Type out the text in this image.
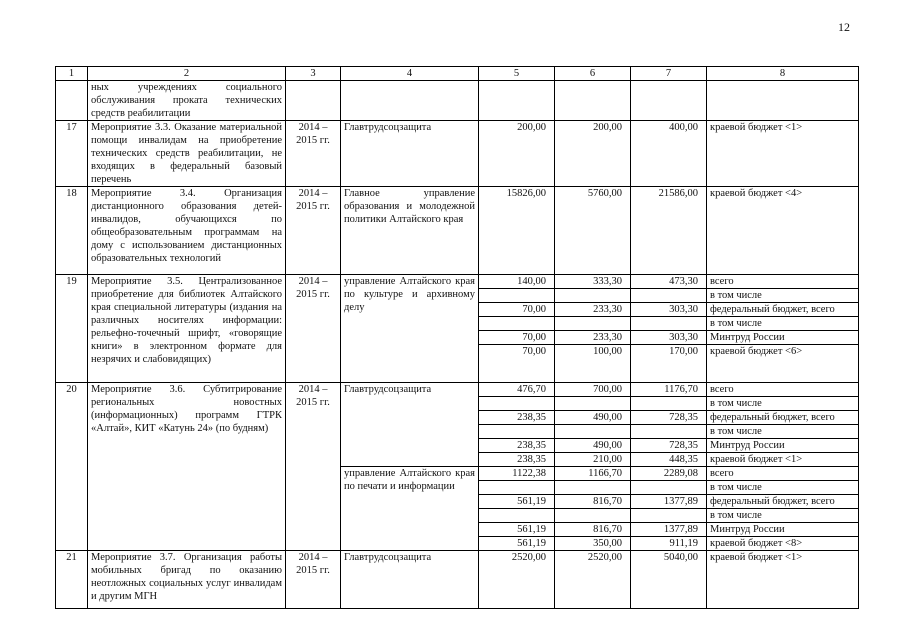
12
1	2	3	4	5	6	7	8
	ных учреждениях социального обслуживания проката технических средств реабилитации						
17	Мероприятие 3.3. Оказание материальной помощи инвалидам на приобретение технических средств реабилитации, не входящих в федеральный базовый перечень	2014 – 2015 гг.	Главтрудсоцзащита	200,00	200,00	400,00	краевой бюджет <1>
18	Мероприятие 3.4. Организация дистанционного образования детей-инвалидов, обучающихся по общеобразовательным программам на дому с использованием дистанционных образовательных технологий	2014 – 2015 гг.	Главное управление образования и молодежной политики Алтайского края	15826,00	5760,00	21586,00	краевой бюджет <4>
19	Мероприятие 3.5. Централизованное приобретение для библиотек Алтайского края специальной литературы (издания на различных носителях информации: рельефно-точечный шрифт, «говорящие книги» в электронном формате для незрячих и слабовидящих)	2014 – 2015 гг.	управление Алтайского края по культуре и архивному делу	140,00	333,30	473,30	всего
							в том числе
				70,00	233,30	303,30	федеральный бюджет, всего
							в том числе
				70,00	233,30	303,30	Минтруд России
				70,00	100,00	170,00	краевой бюджет <6>
20	Мероприятие 3.6. Субтитрирование региональных новостных (информационных) программ ГТРК «Алтай», КИТ «Катунь 24» (по будням)	2014 – 2015 гг.	Главтрудсоцзащита	476,70	700,00	1176,70	всего
							в том числе
				238,35	490,00	728,35	федеральный бюджет, всего
							в том числе
				238,35	490,00	728,35	Минтруд России
				238,35	210,00	448,35	краевой бюджет <1>
			управление Алтайского края по печати и информации	1122,38	1166,70	2289,08	всего
							в том числе
				561,19	816,70	1377,89	федеральный бюджет, всего
							в том числе
				561,19	816,70	1377,89	Минтруд России
				561,19	350,00	911,19	краевой бюджет <8>
21	Мероприятие 3.7. Организация работы мобильных бригад по оказанию неотложных социальных услуг инвалидам и другим МГН	2014 – 2015 гг.	Главтрудсоцзащита	2520,00	2520,00	5040,00	краевой бюджет <1>
